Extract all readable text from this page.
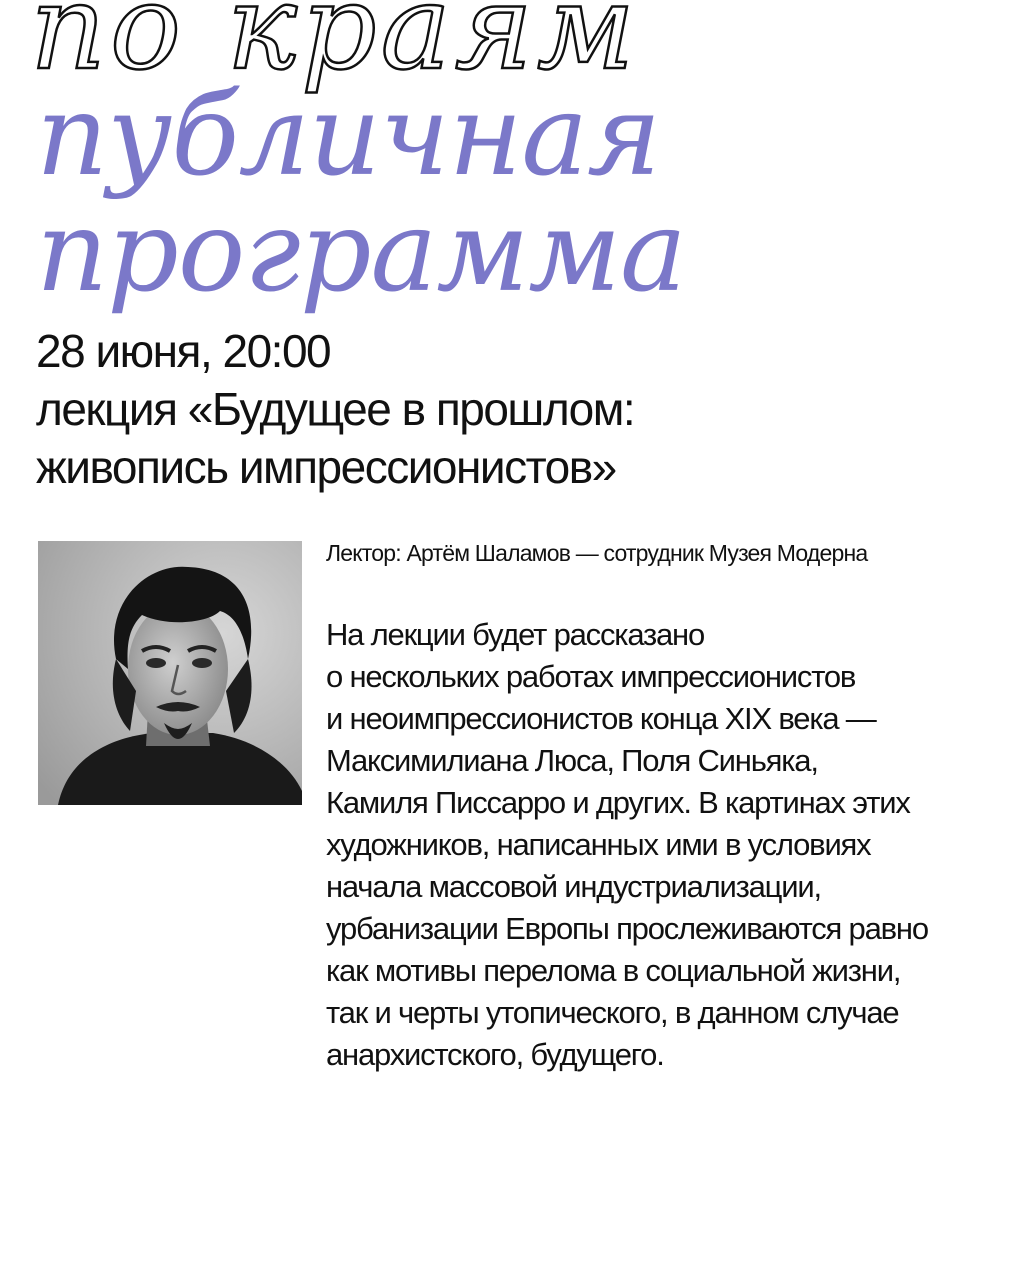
по краям
публичная
программа
28 июня, 20:00
лекция «Будущее в прошлом:
живопись импрессионистов»

Лектор: Артём Шаламов — сотрудник Музея Модерна

На лекции будет рассказано
о нескольких работах импрессионистов
и неоимпрессионистов конца XIX века —
Максимилиана Люса, Поля Синьяка,
Камиля Писсарро и других. В картинах этих
художников, написанных ими в условиях
начала массовой индустриализации,
урбанизации Европы прослеживаются равно
как мотивы перелома в социальной жизни,
так и черты утопического, в данном случае
анархистского, будущего.
